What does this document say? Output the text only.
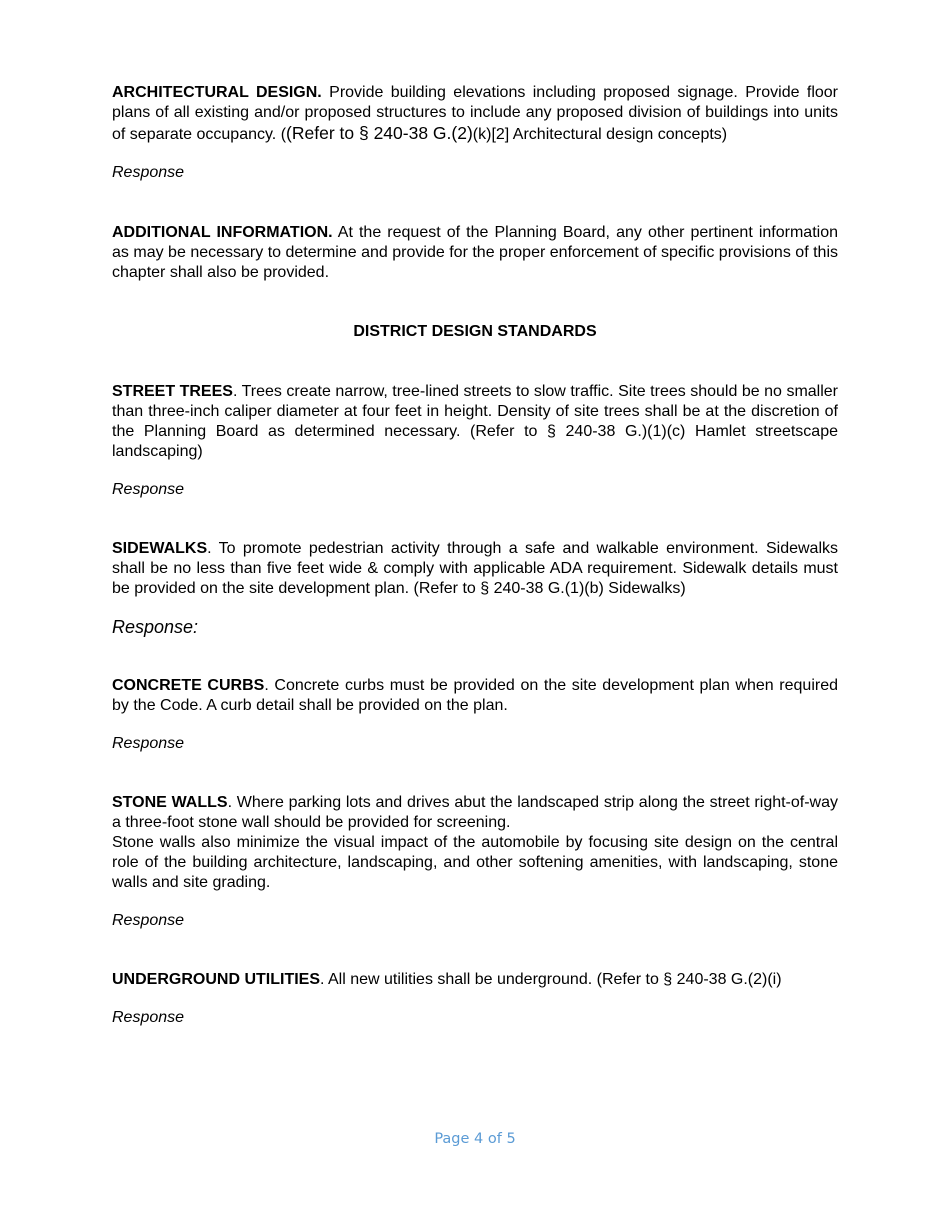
ARCHITECTURAL DESIGN. Provide building elevations including proposed signage. Provide floor plans of all existing and/or proposed structures to include any proposed division of buildings into units of separate occupancy. ((Refer to § 240-38 G.(2)(k)[2] Architectural design concepts)

Response

ADDITIONAL INFORMATION. At the request of the Planning Board, any other pertinent information as may be necessary to determine and provide for the proper enforcement of specific provisions of this chapter shall also be provided.

DISTRICT DESIGN STANDARDS

STREET TREES. Trees create narrow, tree-lined streets to slow traffic. Site trees should be no smaller than three-inch caliper diameter at four feet in height. Density of site trees shall be at the discretion of the Planning Board as determined necessary. (Refer to § 240-38 G.)(1)(c) Hamlet streetscape landscaping)

Response

SIDEWALKS. To promote pedestrian activity through a safe and walkable environment. Sidewalks shall be no less than five feet wide & comply with applicable ADA requirement. Sidewalk details must be provided on the site development plan. (Refer to § 240-38 G.(1)(b) Sidewalks)

Response:

CONCRETE CURBS. Concrete curbs must be provided on the site development plan when required by the Code. A curb detail shall be provided on the plan.

Response

STONE WALLS. Where parking lots and drives abut the landscaped strip along the street right-of-way a three-foot stone wall should be provided for screening.

Stone walls also minimize the visual impact of the automobile by focusing site design on the central role of the building architecture, landscaping, and other softening amenities, with landscaping, stone walls and site grading.

Response

UNDERGROUND UTILITIES. All new utilities shall be underground. (Refer to § 240-38 G.(2)(i)

Response

Page 4 of 5
